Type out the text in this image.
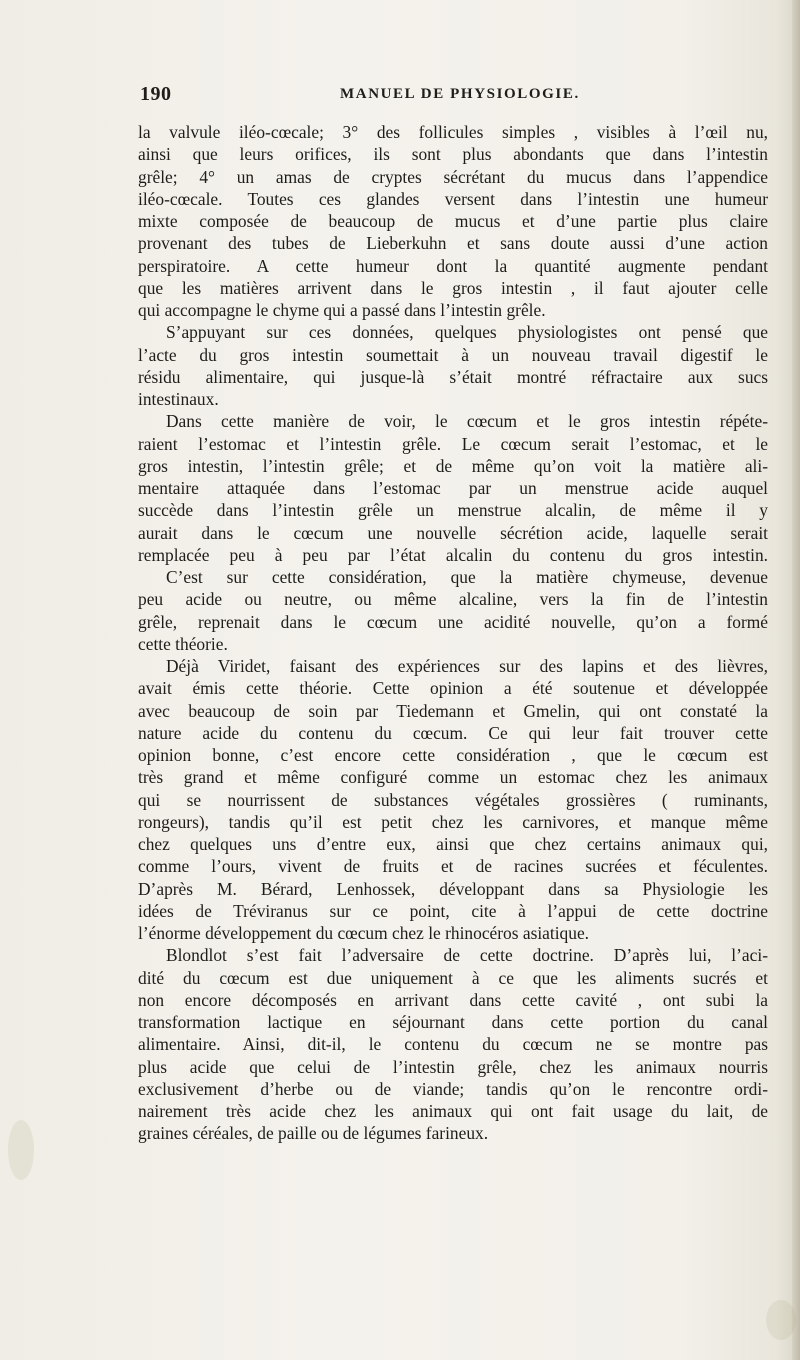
190	MANUEL DE PHYSIOLOGIE.
la valvule iléo-cœcale; 3° des follicules simples , visibles à l’œil nu,
ainsi que leurs orifices, ils sont plus abondants que dans l’intestin
grêle; 4° un amas de cryptes sécrétant du mucus dans l’appendice
iléo-cœcale. Toutes ces glandes versent dans l’intestin une humeur
mixte composée de beaucoup de mucus et d’une partie plus claire
provenant des tubes de Lieberkuhn et sans doute aussi d’une action
perspiratoire. A cette humeur dont la quantité augmente pendant
que les matières arrivent dans le gros intestin , il faut ajouter celle
qui accompagne le chyme qui a passé dans l’intestin grêle.
S’appuyant sur ces données, quelques physiologistes ont pensé que
l’acte du gros intestin soumettait à un nouveau travail digestif le
résidu alimentaire, qui jusque-là s’était montré réfractaire aux sucs
intestinaux.
Dans cette manière de voir, le cœcum et le gros intestin répéte-
raient l’estomac et l’intestin grêle. Le cœcum serait l’estomac, et le
gros intestin, l’intestin grêle; et de même qu’on voit la matière ali-
mentaire attaquée dans l’estomac par un menstrue acide auquel
succède dans l’intestin grêle un menstrue alcalin, de même il y
aurait dans le cœcum une nouvelle sécrétion acide, laquelle serait
remplacée peu à peu par l’état alcalin du contenu du gros intestin.
C’est sur cette considération, que la matière chymeuse, devenue
peu acide ou neutre, ou même alcaline, vers la fin de l’intestin
grêle, reprenait dans le cœcum une acidité nouvelle, qu’on a formé
cette théorie.
Déjà Viridet, faisant des expériences sur des lapins et des lièvres,
avait émis cette théorie. Cette opinion a été soutenue et développée
avec beaucoup de soin par Tiedemann et Gmelin, qui ont constaté la
nature acide du contenu du cœcum. Ce qui leur fait trouver cette
opinion bonne, c’est encore cette considération , que le cœcum est
très grand et même configuré comme un estomac chez les animaux
qui se nourrissent de substances végétales grossières ( ruminants,
rongeurs), tandis qu’il est petit chez les carnivores, et manque même
chez quelques uns d’entre eux, ainsi que chez certains animaux qui,
comme l’ours, vivent de fruits et de racines sucrées et féculentes.
D’après M. Bérard, Lenhossek, développant dans sa Physiologie les
idées de Tréviranus sur ce point, cite à l’appui de cette doctrine
l’énorme développement du cœcum chez le rhinocéros asiatique.
Blondlot s’est fait l’adversaire de cette doctrine. D’après lui, l’aci-
dité du cœcum est due uniquement à ce que les aliments sucrés et
non encore décomposés en arrivant dans cette cavité , ont subi la
transformation lactique en séjournant dans cette portion du canal
alimentaire. Ainsi, dit-il, le contenu du cœcum ne se montre pas
plus acide que celui de l’intestin grêle, chez les animaux nourris
exclusivement d’herbe ou de viande; tandis qu’on le rencontre ordi-
nairement très acide chez les animaux qui ont fait usage du lait, de
graines céréales, de paille ou de légumes farineux.
